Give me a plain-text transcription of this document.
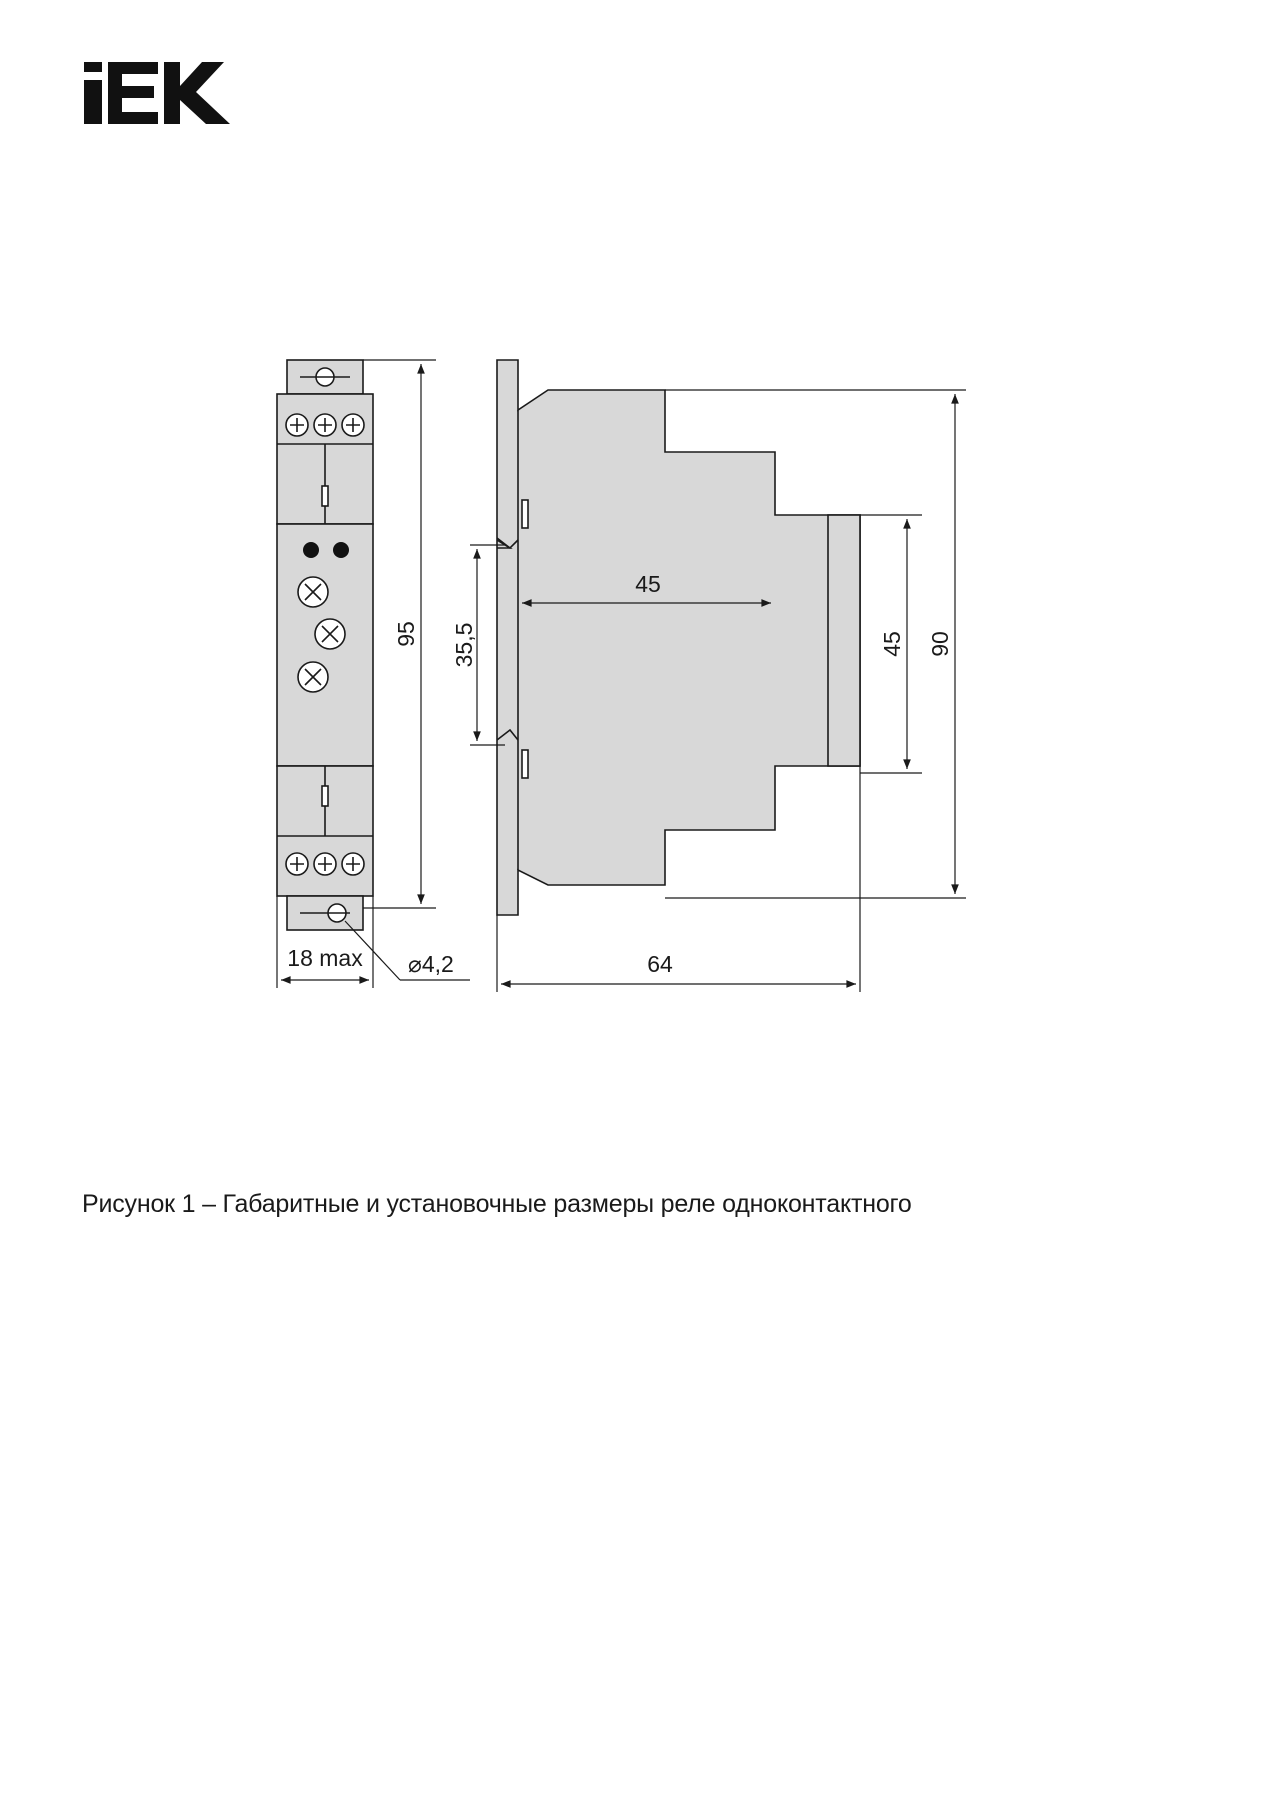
95
18 max ⌀4,2
35,5
45
64
45 90
Рисунок 1 – Габаритные и установочные размеры реле одноконтактного
